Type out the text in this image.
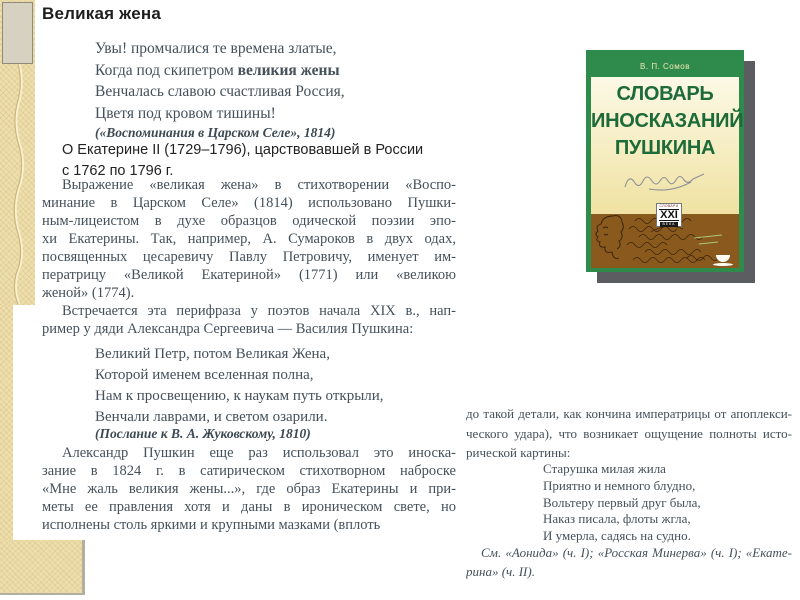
Великая жена
Увы! промчалися те времена златые,
Когда под скипетром великия жены
Венчалась славою счастливая Россия,
Цветя под кровом тишины!
(«Воспоминания в Царском Селе», 1814)
О Екатерине II (1729–1796), царствовавшей в России
с 1762 по 1796 г.
Выражение «великая жена» в стихотворении «Воспо-
минание в Царском Селе» (1814) использовано Пушки-
ным-лицеистом в духе образцов одической поэзии эпо-
хи Екатерины. Так, например, А. Сумароков в двух одах,
посвященных цесаревичу Павлу Петровичу, именует им-
ператрицу «Великой Екатериной» (1771) или «великою
женой» (1774).
Встречается эта перифраза у поэтов начала XIX в., нап-
ример у дяди Александра Сергеевича — Василия Пушкина:
Великий Петр, потом Великая Жена,
Которой именем вселенная полна,
Нам к просвещению, к наукам путь открыли,
Венчали лаврами, и светом озарили.
(Послание к В. А. Жуковскому, 1810)
Александр Пушкин еще раз использовал это иноска-
зание в 1824 г. в сатирическом стихотворном наброске
«Мне жаль великия жены...», где образ Екатерины и при-
меты ее правления хотя и даны в ироническом свете, но
исполнены столь яркими и крупными мазками (вплоть
до такой детали, как кончина императрицы от апоплекси-
ческого удара), что возникает ощущение полноты исто-
рической картины:
Старушка милая жила
Приятно и немного блудно,
Вольтеру первый друг была,
Наказ писала, флоты жгла,
И умерла, садясь на судно.
См. «Аонида» (ч. I); «Росская Минерва» (ч. I); «Екате-
рина» (ч. II).
В. П. Сомов
СЛОВАРЬ
ИНОСКАЗАНИЙ
ПУШКИНА
СЛОВАРИ
XXI
ВЕКА
